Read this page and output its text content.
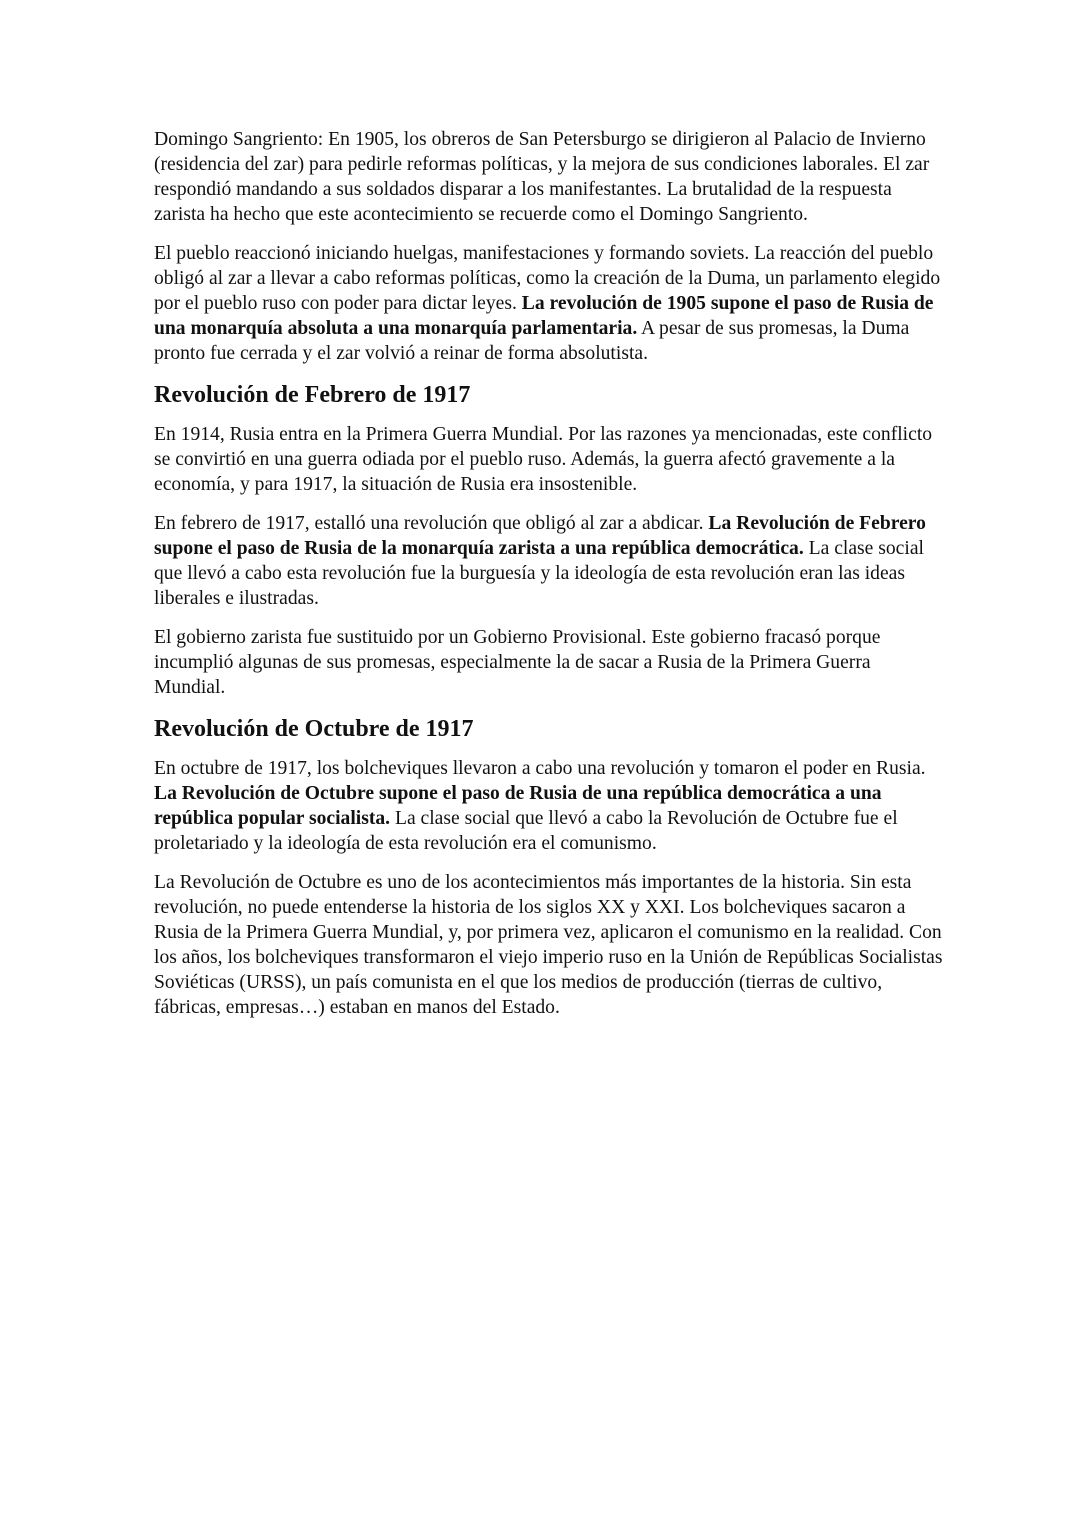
Domingo Sangriento: En 1905, los obreros de San Petersburgo se dirigieron al Palacio de Invierno (residencia del zar) para pedirle reformas políticas, y la mejora de sus condiciones laborales. El zar respondió mandando a sus soldados disparar a los manifestantes. La brutalidad de la respuesta zarista ha hecho que este acontecimiento se recuerde como el Domingo Sangriento.

El pueblo reaccionó iniciando huelgas, manifestaciones y formando soviets. La reacción del pueblo obligó al zar a llevar a cabo reformas políticas, como la creación de la Duma, un parlamento elegido por el pueblo ruso con poder para dictar leyes. La revolución de 1905 supone el paso de Rusia de una monarquía absoluta a una monarquía parlamentaria. A pesar de sus promesas, la Duma pronto fue cerrada y el zar volvió a reinar de forma absolutista.

Revolución de Febrero de 1917

En 1914, Rusia entra en la Primera Guerra Mundial. Por las razones ya mencionadas, este conflicto se convirtió en una guerra odiada por el pueblo ruso. Además, la guerra afectó gravemente a la economía, y para 1917, la situación de Rusia era insostenible.

En febrero de 1917, estalló una revolución que obligó al zar a abdicar. La Revolución de Febrero supone el paso de Rusia de la monarquía zarista a una república democrática. La clase social que llevó a cabo esta revolución fue la burguesía y la ideología de esta revolución eran las ideas liberales e ilustradas.

El gobierno zarista fue sustituido por un Gobierno Provisional. Este gobierno fracasó porque incumplió algunas de sus promesas, especialmente la de sacar a Rusia de la Primera Guerra Mundial.

Revolución de Octubre de 1917

En octubre de 1917, los bolcheviques llevaron a cabo una revolución y tomaron el poder en Rusia. La Revolución de Octubre supone el paso de Rusia de una república democrática a una república popular socialista. La clase social que llevó a cabo la Revolución de Octubre fue el proletariado y la ideología de esta revolución era el comunismo.

La Revolución de Octubre es uno de los acontecimientos más importantes de la historia. Sin esta revolución, no puede entenderse la historia de los siglos XX y XXI. Los bolcheviques sacaron a Rusia de la Primera Guerra Mundial, y, por primera vez, aplicaron el comunismo en la realidad. Con los años, los bolcheviques transformaron el viejo imperio ruso en la Unión de Repúblicas Socialistas Soviéticas (URSS), un país comunista en el que los medios de producción (tierras de cultivo, fábricas, empresas…) estaban en manos del Estado.
